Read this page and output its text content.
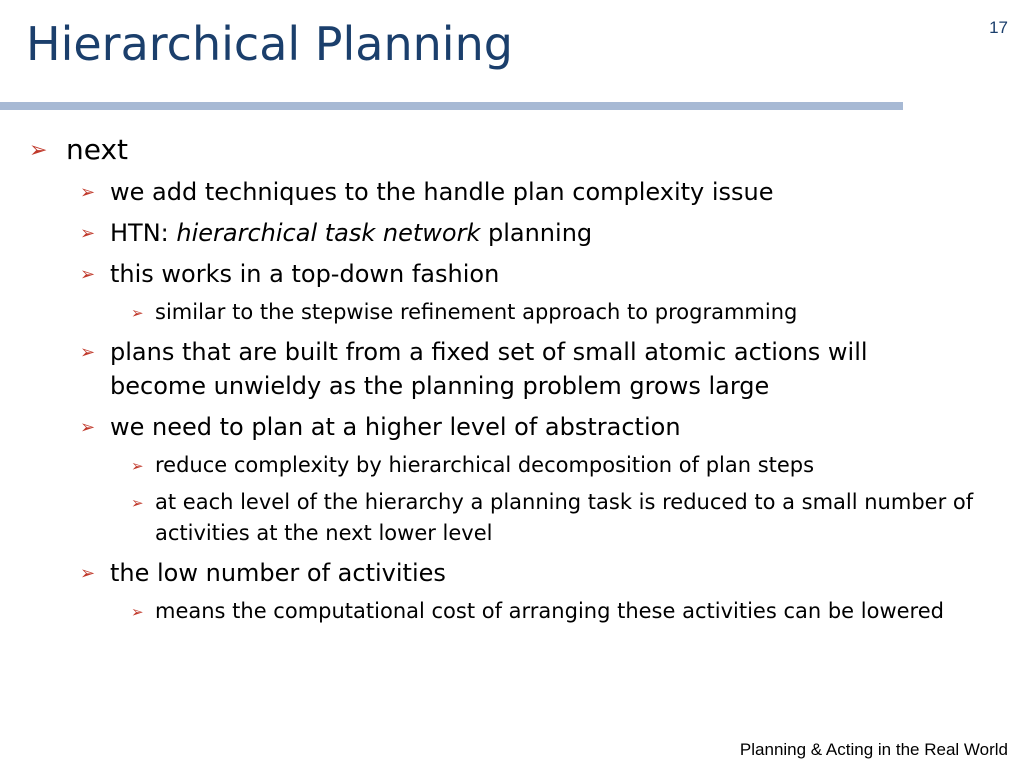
Hierarchical Planning	17
➢ next
➢ we add techniques to the handle plan complexity issue
➢ HTN: hierarchical task network planning
➢ this works in a top-down fashion
➢ similar to the stepwise refinement approach to programming
➢ plans that are built from a fixed set of small atomic actions will become unwieldy as the planning problem grows large
➢ we need to plan at a higher level of abstraction
➢ reduce complexity by hierarchical decomposition of plan steps
➢ at each level of the hierarchy a planning task is reduced to a small number of activities at the next lower level
➢ the low number of activities
➢ means the computational cost of arranging these activities can be lowered
Planning & Acting in the Real World
